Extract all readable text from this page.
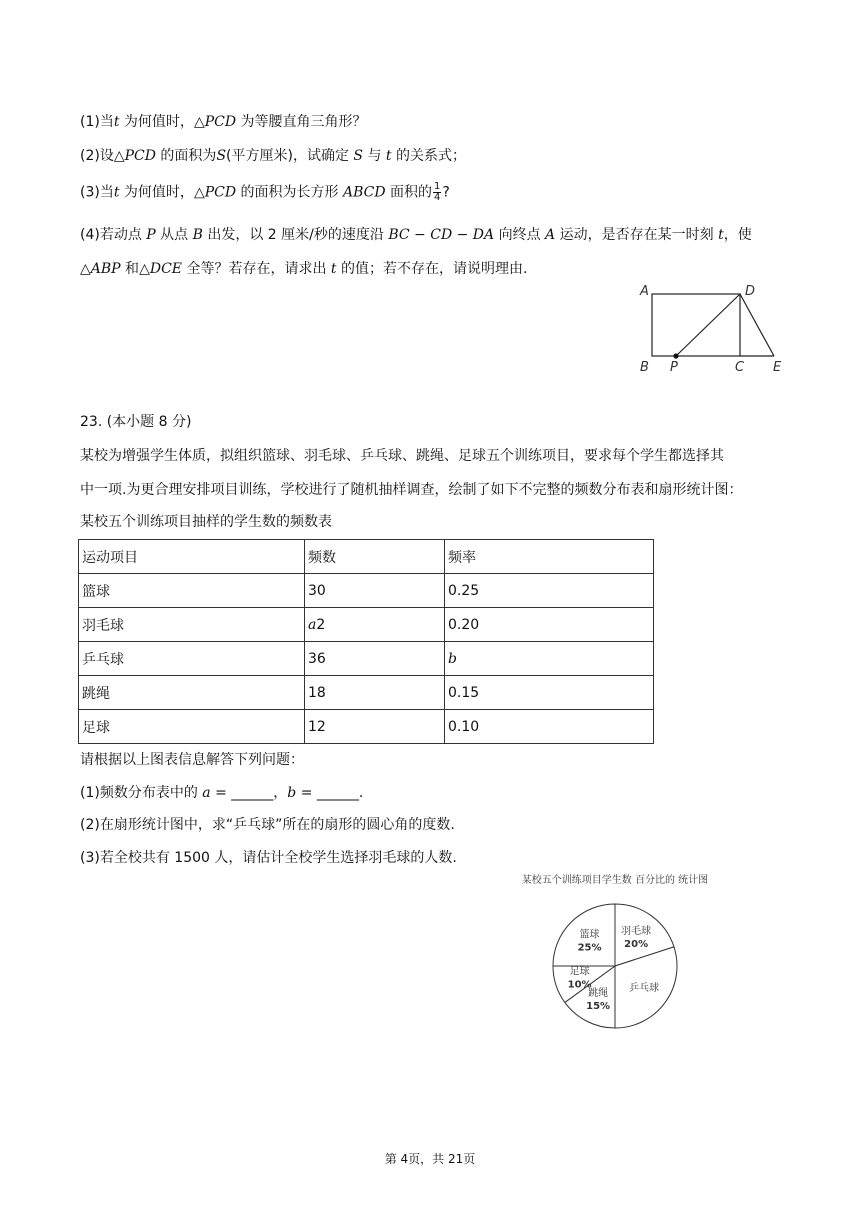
(1)当t 为何值时，△PCD 为等腰直角三角形？
(2)设△PCD 的面积为S(平方厘米)，试确定 S 与 t 的关系式；
(3)当t 为何值时，△PCD 的面积为长方形 ABCD 面积的 $\frac{1}{4}$ ?
(4)若动点 P 从点 B 出发，以 2 厘米/秒的速度沿 BC − CD − DA 向终点 A 运动，是否存在某一时刻 t，使
△ABP 和△DCE 全等？若存在，请求出 t 的值；若不存在，请说明理由.
A	D
B P	C E
23. (本小题 8 分)
某校为增强学生体质，拟组织篮球、羽毛球、乒乓球、跳绳、足球五个训练项目，要求每个学生都选择其
中一项.为更合理安排项目训练，学校进行了随机抽样调查，绘制了如下不完整的频数分布表和扇形统计图：
某校五个训练项目抽样的学生数的频数表
运动项目	频数	频率
篮球	30	0.25
羽毛球	a2	0.20
乒乓球	36	b
跳绳	18	0.15
足球	12	0.10
请根据以上图表信息解答下列问题：
(1)频数分布表中的 a = ______，b = ______.
(2)在扇形统计图中，求“乒乓球”所在的扇形的圆心角的度数.
(3)若全校共有 1500 人，请估计全校学生选择羽毛球的人数.
某校五个训练项目学生数 百分比的 统计图
羽毛球
20%
乒乓球
跳绳
15%
足球
10%
篮球
25%
第 4页，共 21页
